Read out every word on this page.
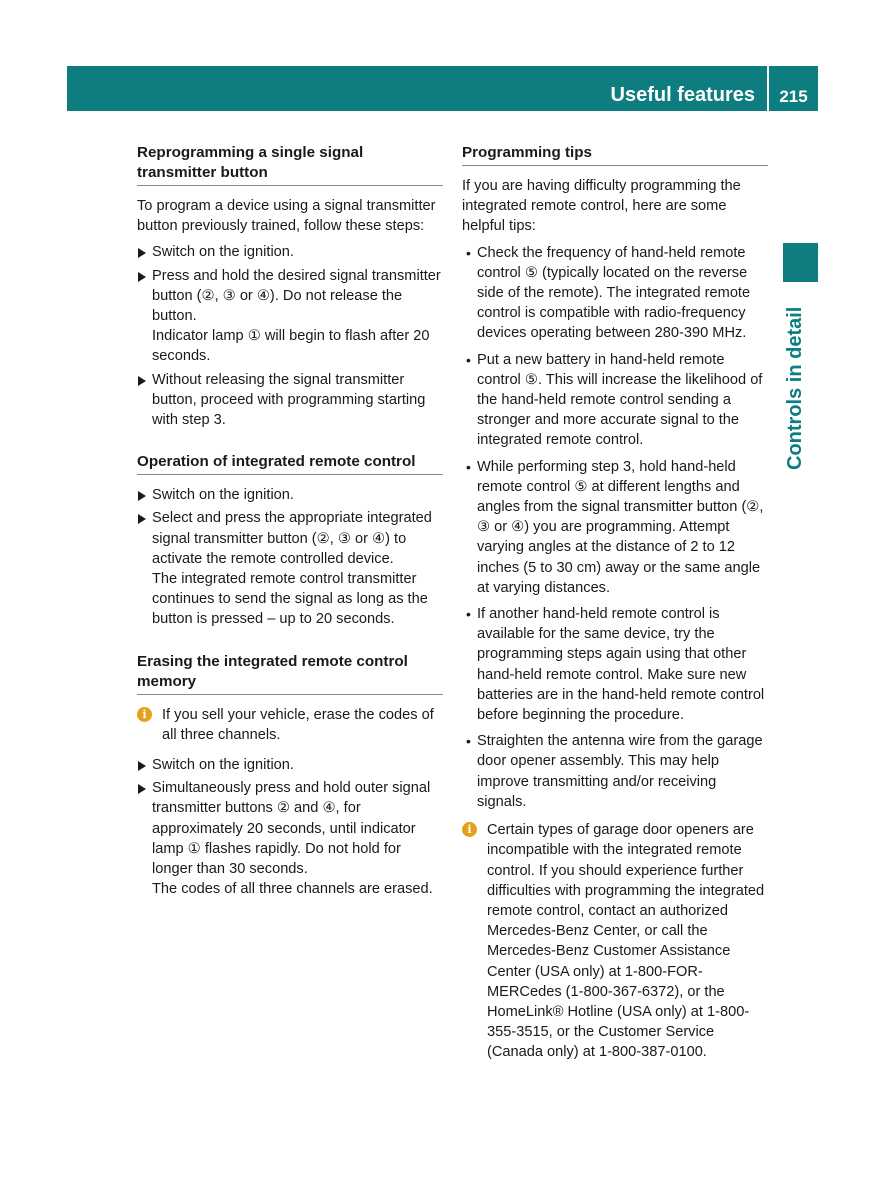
Useful features	215
Controls in detail
Reprogramming a single signal transmitter button

To program a device using a signal transmitter button previously trained, follow these steps:

Switch on the ignition.
Press and hold the desired signal transmitter button (②, ③ or ④). Do not release the button.
Indicator lamp ① will begin to flash after 20 seconds.
Without releasing the signal transmitter button, proceed with programming starting with step 3.
Operation of integrated remote control
Switch on the ignition.
Select and press the appropriate integrated signal transmitter button (②, ③ or ④) to activate the remote controlled device.
The integrated remote control transmitter continues to send the signal as long as the button is pressed – up to 20 seconds.
Erasing the integrated remote control memory
i	If you sell your vehicle, erase the codes of all three channels.
Switch on the ignition.
Simultaneously press and hold outer signal transmitter buttons ② and ④, for approximately 20 seconds, until indicator lamp ① flashes rapidly. Do not hold for longer than 30 seconds.
The codes of all three channels are erased.
Programming tips

If you are having difficulty programming the integrated remote control, here are some helpful tips:

• Check the frequency of hand-held remote control ⑤ (typically located on the reverse side of the remote). The integrated remote control is compatible with radio-frequency devices operating between 280-390 MHz.
• Put a new battery in hand-held remote control ⑤. This will increase the likelihood of the hand-held remote control sending a stronger and more accurate signal to the integrated remote control.
• While performing step 3, hold hand-held remote control ⑤ at different lengths and angles from the signal transmitter button (②, ③ or ④) you are programming. Attempt varying angles at the distance of 2 to 12 inches (5 to 30 cm) away or the same angle at varying distances.
• If another hand-held remote control is available for the same device, try the programming steps again using that other hand-held remote control. Make sure new batteries are in the hand-held remote control before beginning the procedure.
• Straighten the antenna wire from the garage door opener assembly. This may help improve transmitting and/or receiving signals.
i	Certain types of garage door openers are incompatible with the integrated remote control. If you should experience further difficulties with programming the integrated remote control, contact an authorized Mercedes-Benz Center, or call the Mercedes-Benz Customer Assistance Center (USA only) at 1-800-FOR-MERCedes (1-800-367-6372), or the HomeLink® Hotline (USA only) at 1-800-355-3515, or the Customer Service (Canada only) at 1-800-387-0100.
